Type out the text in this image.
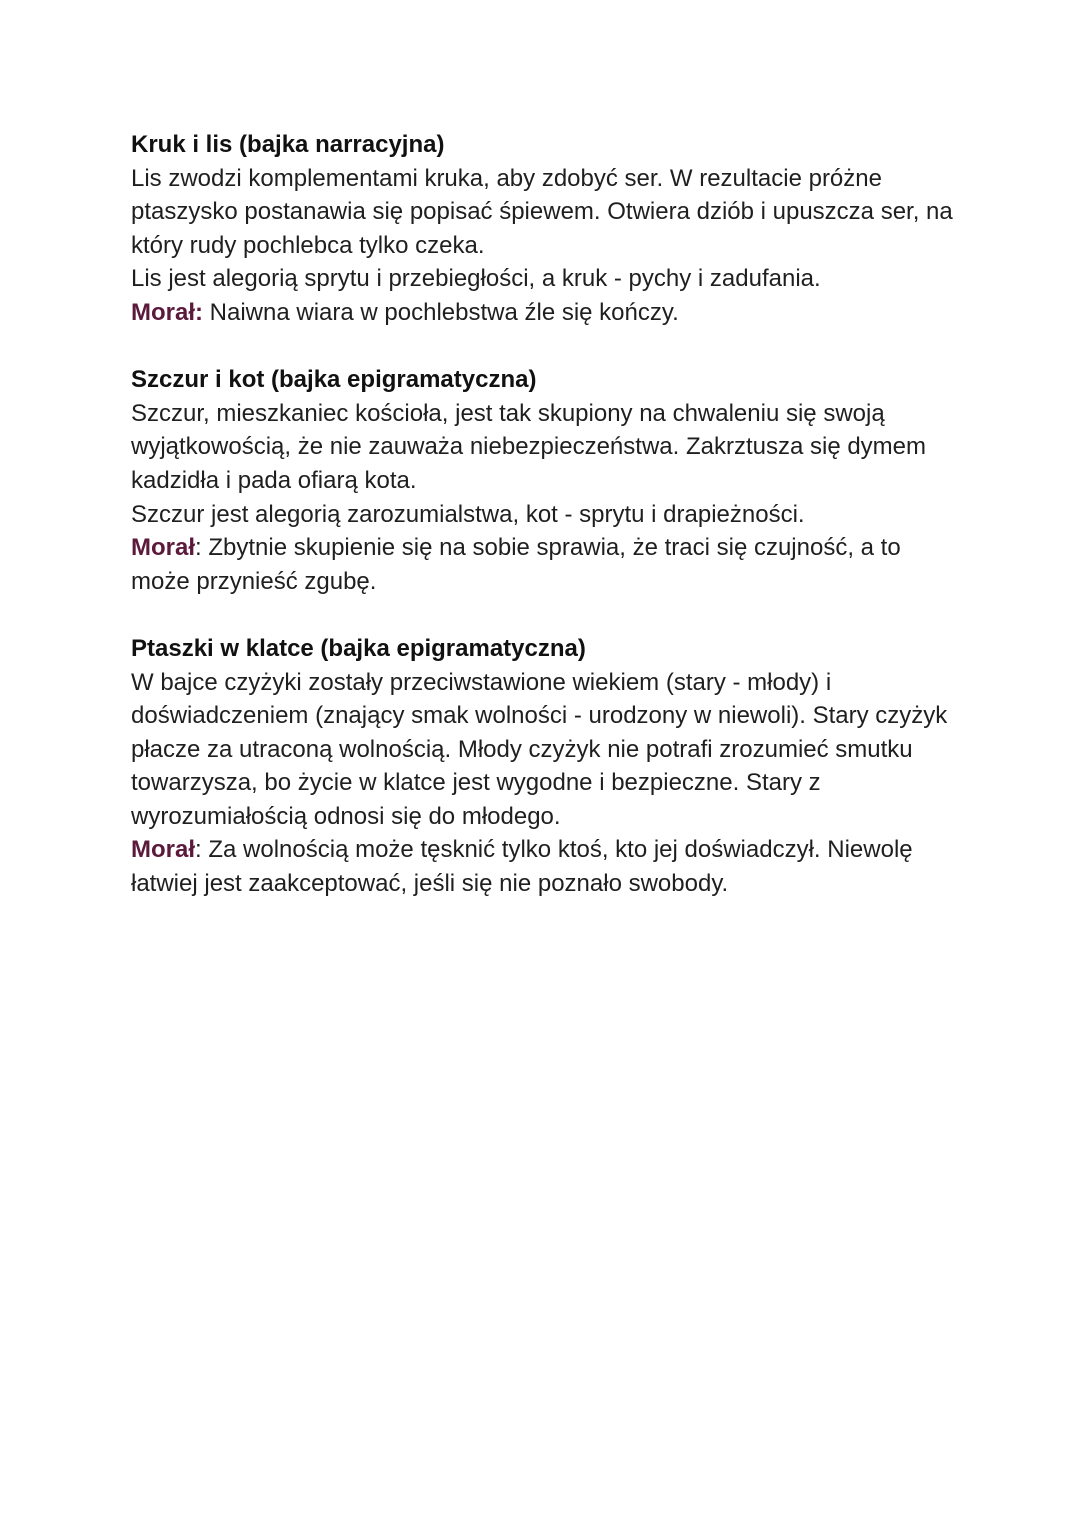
Kruk i lis (bajka narracyjna)

Lis zwodzi komplementami kruka, aby zdobyć ser. W rezultacie próżne ptaszysko postanawia się popisać śpiewem. Otwiera dziób i upuszcza ser, na który rudy pochlebca tylko czeka.

Lis jest alegorią sprytu i przebiegłości, a kruk - pychy i zadufania.

Morał: Naiwna wiara w pochlebstwa źle się kończy.

Szczur i kot (bajka epigramatyczna)

Szczur, mieszkaniec kościoła, jest tak skupiony na chwaleniu się swoją wyjątkowością, że nie zauważa niebezpieczeństwa. Zakrztusza się dymem kadzidła i pada ofiarą kota.

Szczur jest alegorią zarozumialstwa, kot - sprytu i drapieżności.

Morał: Zbytnie skupienie się na sobie sprawia, że traci się czujność, a to może przynieść zgubę.

Ptaszki w klatce (bajka epigramatyczna)

W bajce czyżyki zostały przeciwstawione wiekiem (stary - młody) i doświadczeniem (znający smak wolności - urodzony w niewoli). Stary czyżyk płacze za utraconą wolnością. Młody czyżyk nie potrafi zrozumieć smutku towarzysza, bo życie w klatce jest wygodne i bezpieczne. Stary z wyrozumiałością odnosi się do młodego.

Morał: Za wolnością może tęsknić tylko ktoś, kto jej doświadczył. Niewolę łatwiej jest zaakceptować, jeśli się nie poznało swobody.
